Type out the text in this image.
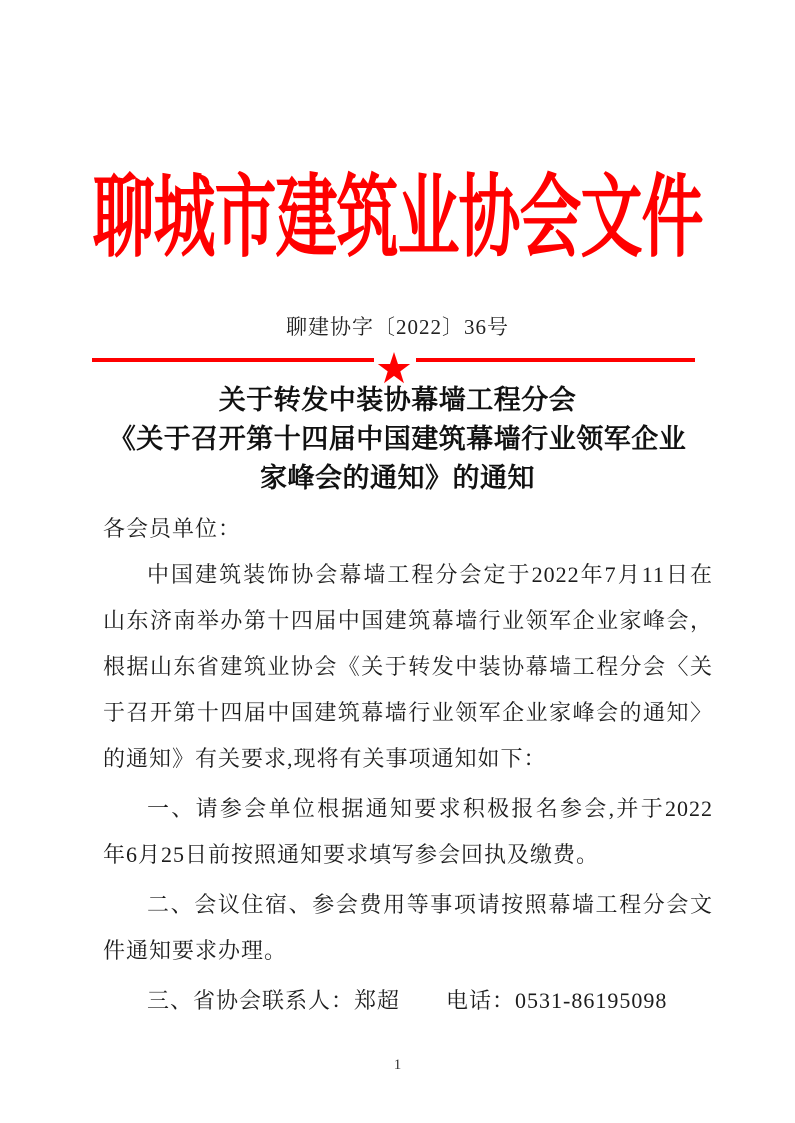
聊城市建筑业协会文件
聊建协字〔2022〕36号
关于转发中装协幕墙工程分会
《关于召开第十四届中国建筑幕墙行业领军企业
家峰会的通知》的通知
各会员单位：
中国建筑装饰协会幕墙工程分会定于2022年7月11日在
山东济南举办第十四届中国建筑幕墙行业领军企业家峰会，
根据山东省建筑业协会《关于转发中装协幕墙工程分会〈关
于召开第十四届中国建筑幕墙行业领军企业家峰会的通知〉
的通知》有关要求,现将有关事项通知如下：
一、请参会单位根据通知要求积极报名参会,并于2022
年6月25日前按照通知要求填写参会回执及缴费。
二、会议住宿、参会费用等事项请按照幕墙工程分会文
件通知要求办理。
三、省协会联系人：郑超　　电话：0531-86195098
1
